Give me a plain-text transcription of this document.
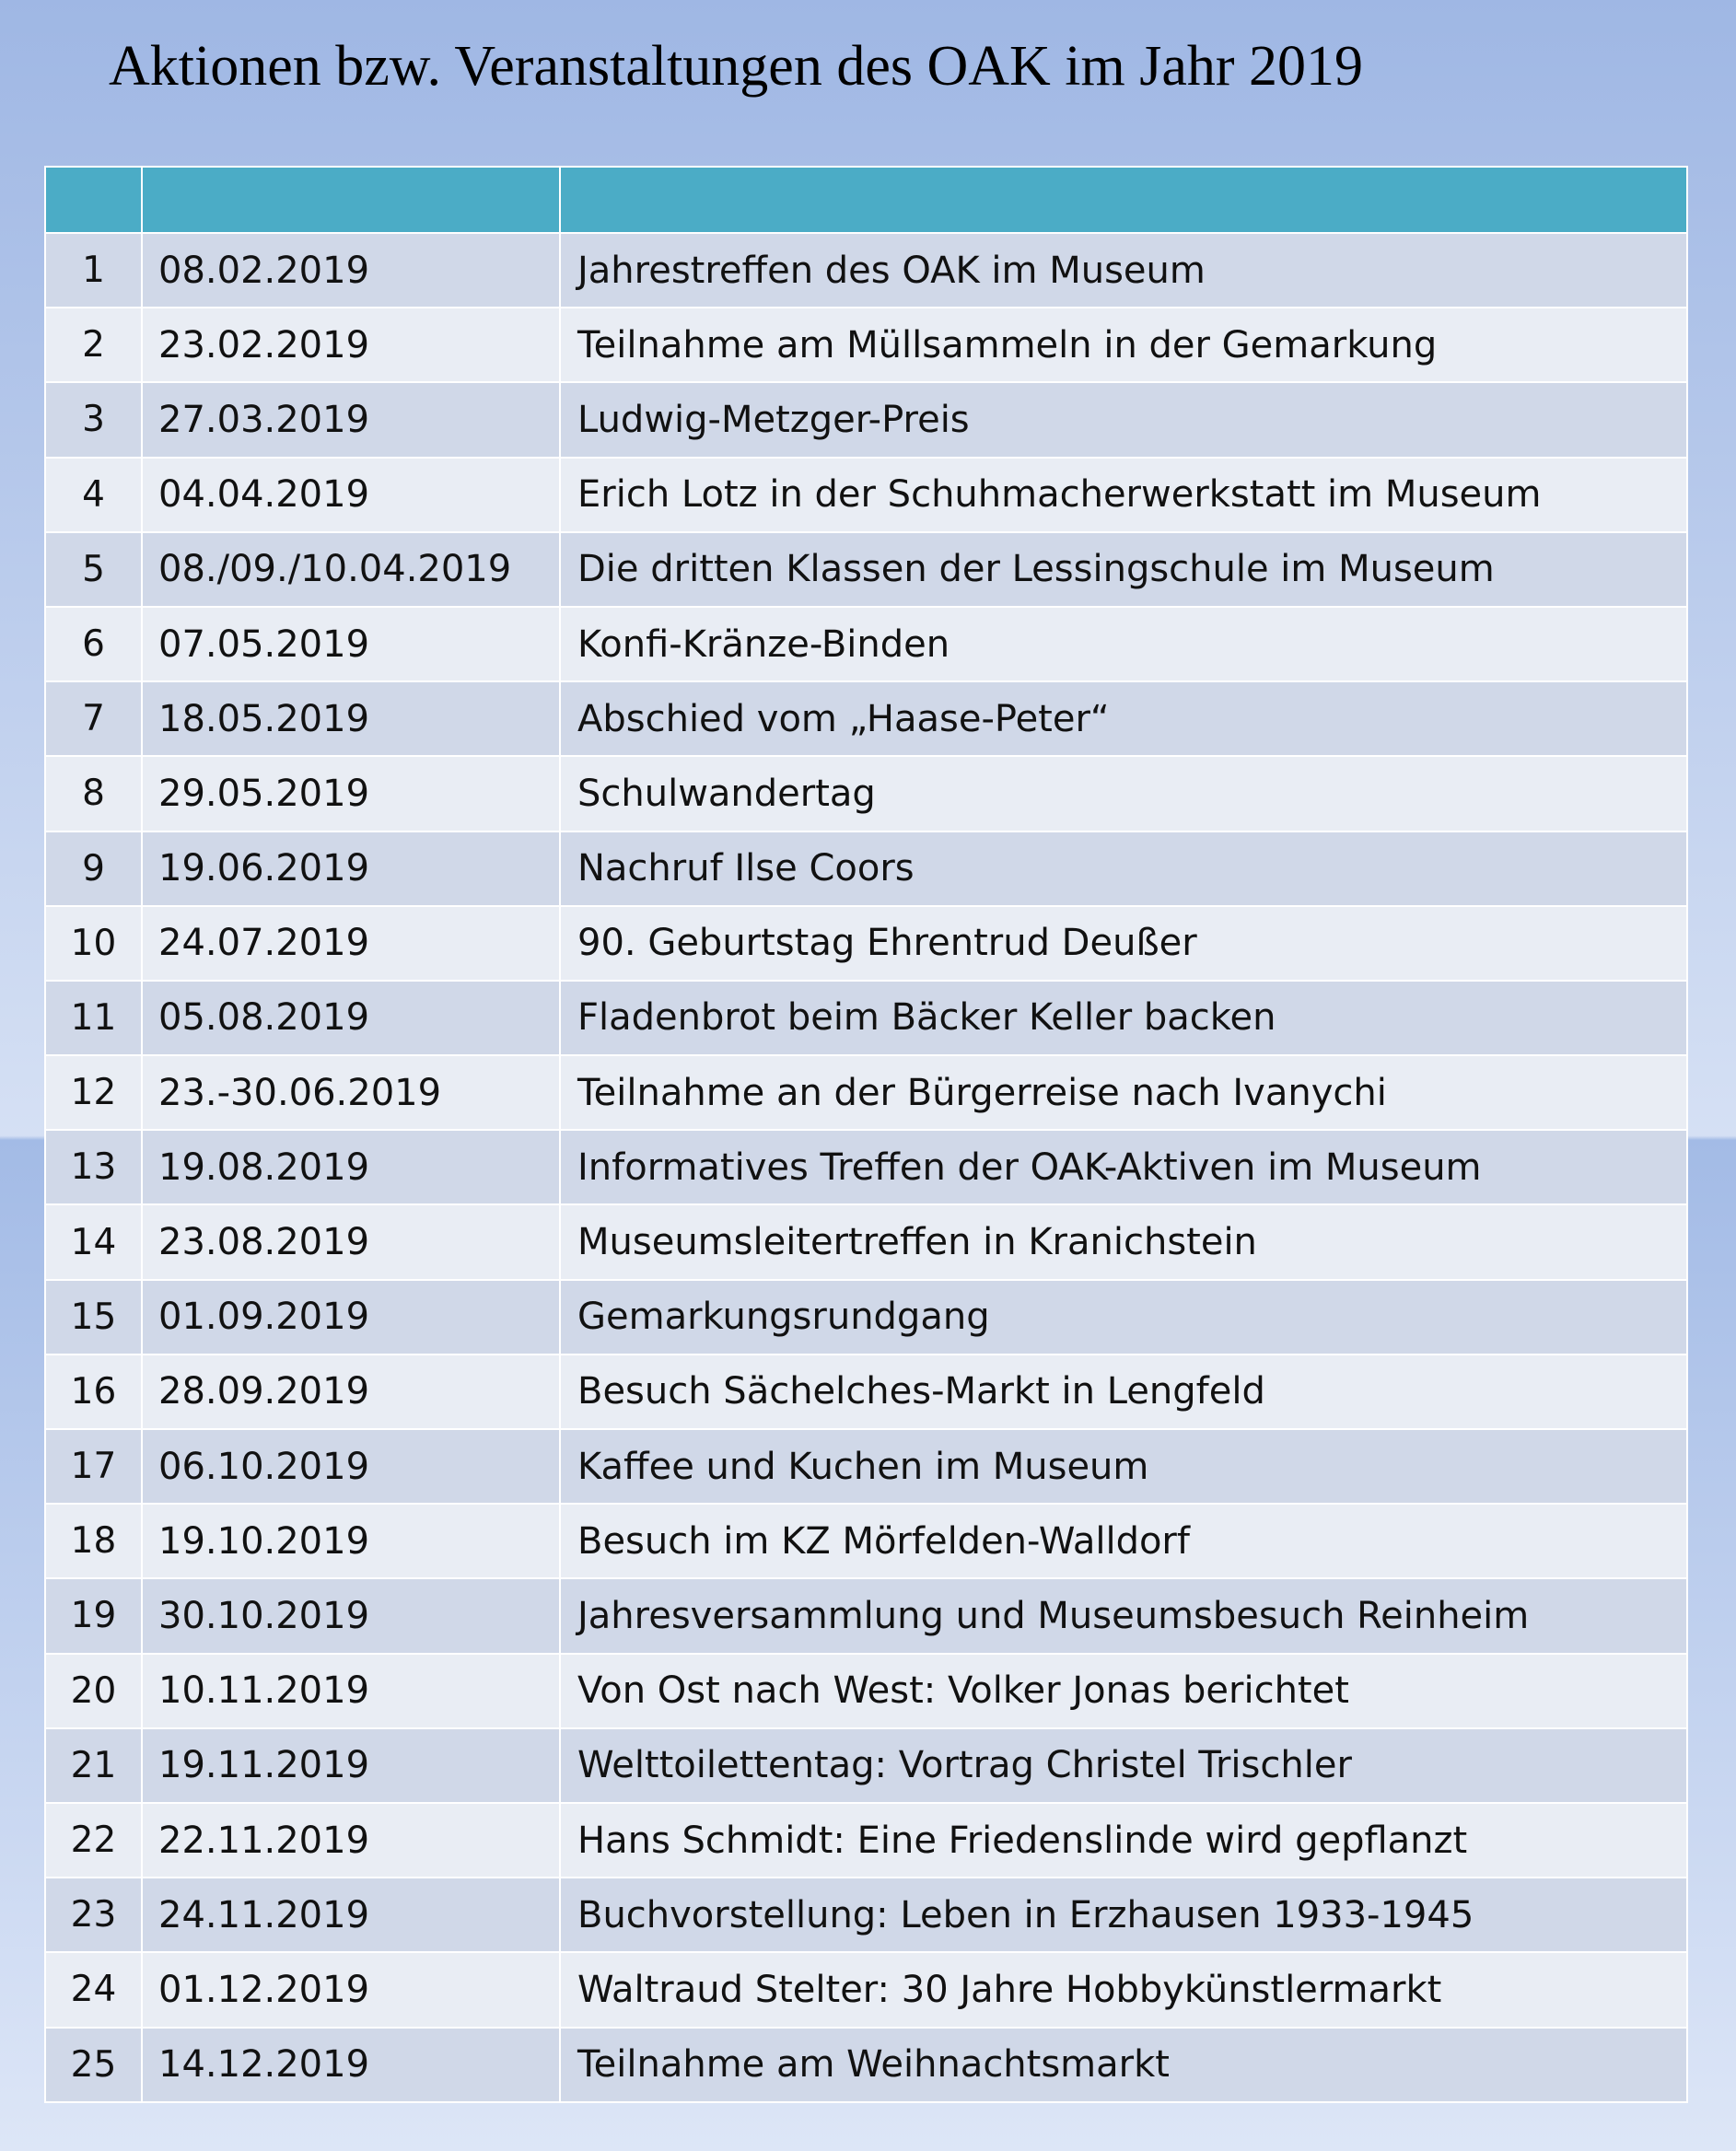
Aktionen bzw. Veranstaltungen des OAK im Jahr 2019

1	08.02.2019	Jahrestreffen des OAK im Museum
2	23.02.2019	Teilnahme am Müllsammeln in der Gemarkung
3	27.03.2019	Ludwig-Metzger-Preis
4	04.04.2019	Erich Lotz in der Schuhmacherwerkstatt im Museum
5	08./09./10.04.2019	Die dritten Klassen der Lessingschule im Museum
6	07.05.2019	Konfi-Kränze-Binden
7	18.05.2019	Abschied vom „Haase-Peter“
8	29.05.2019	Schulwandertag
9	19.06.2019	Nachruf Ilse Coors
10	24.07.2019	90. Geburtstag Ehrentrud Deußer
11	05.08.2019	Fladenbrot beim Bäcker Keller backen
12	23.-30.06.2019	Teilnahme an der Bürgerreise nach Ivanychi
13	19.08.2019	Informatives Treffen der OAK-Aktiven im Museum
14	23.08.2019	Museumsleitertreffen in Kranichstein
15	01.09.2019	Gemarkungsrundgang
16	28.09.2019	Besuch Sächelches-Markt in Lengfeld
17	06.10.2019	Kaffee und Kuchen im Museum
18	19.10.2019	Besuch im KZ Mörfelden-Walldorf
19	30.10.2019	Jahresversammlung und Museumsbesuch Reinheim
20	10.11.2019	Von Ost nach West: Volker Jonas berichtet
21	19.11.2019	Welttoilettentag: Vortrag Christel Trischler
22	22.11.2019	Hans Schmidt: Eine Friedenslinde wird gepflanzt
23	24.11.2019	Buchvorstellung: Leben in Erzhausen 1933-1945
24	01.12.2019	Waltraud Stelter: 30 Jahre Hobbykünstlermarkt
25	14.12.2019	Teilnahme am Weihnachtsmarkt
